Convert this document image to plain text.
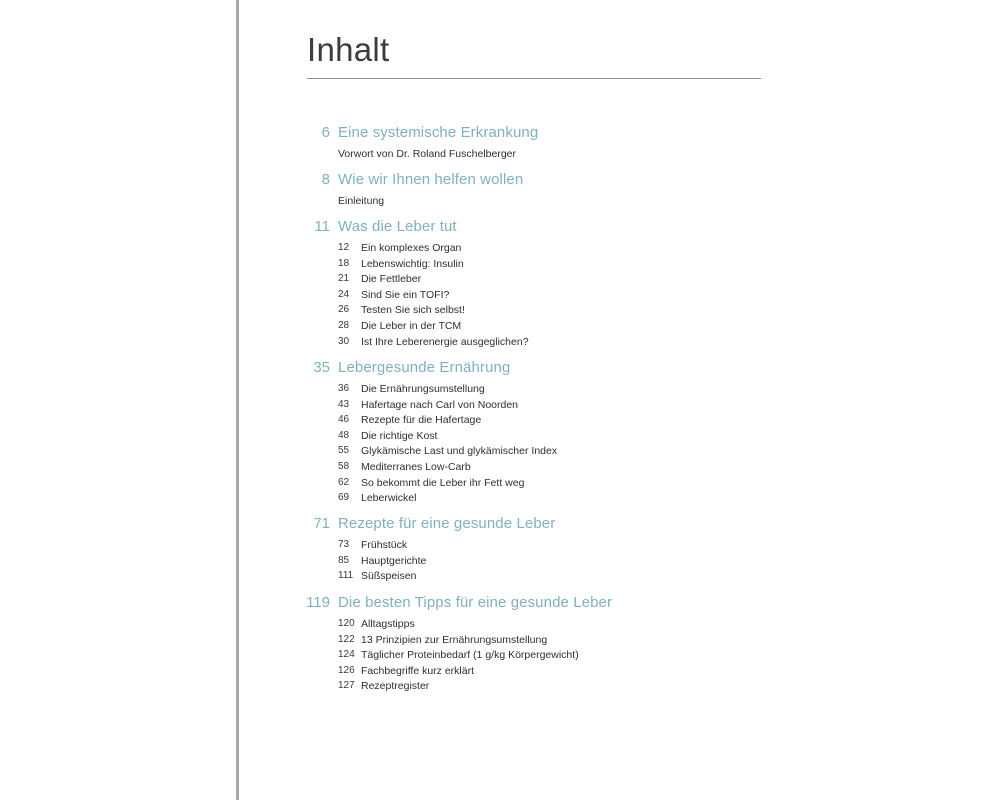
Inhalt
6 Eine systemische Erkrankung
Vorwort von Dr. Roland Fuschelberger
8 Wie wir Ihnen helfen wollen
Einleitung
11 Was die Leber tut
12	Ein komplexes Organ
18	Lebenswichtig: Insulin
21	Die Fettleber
24	Sind Sie ein TOFI?
26	Testen Sie sich selbst!
28	Die Leber in der TCM
30	Ist Ihre Leberenergie ausgeglichen?
35 Lebergesunde Ernährung
36	Die Ernährungsumstellung
43	Hafertage nach Carl von Noorden
46	Rezepte für die Hafertage
48	Die richtige Kost
55	Glykämische Last und glykämischer Index
58	Mediterranes Low-Carb
62	So bekommt die Leber ihr Fett weg
69	Leberwickel
71 Rezepte für eine gesunde Leber
73	Frühstück
85	Hauptgerichte
111 Süßspeisen
119 Die besten Tipps für eine gesunde Leber
120 Alltagstipps
122 13 Prinzipien zur Ernährungsumstellung
124 Täglicher Proteinbedarf (1 g/kg Körpergewicht)
126 Fachbegriffe kurz erklärt
127 Rezeptregister
